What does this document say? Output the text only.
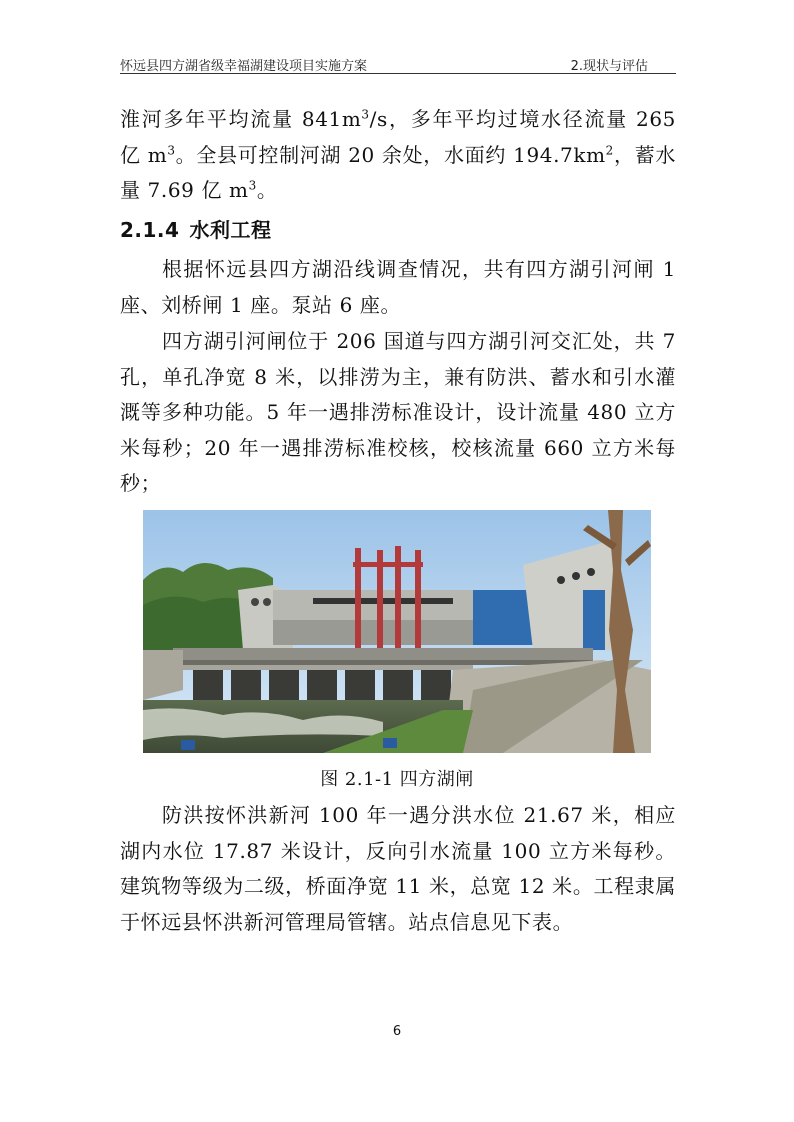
怀远县四方湖省级幸福湖建设项目实施方案	2.现状与评估
淮河多年平均流量 $841m^3/s$，多年平均过境水径流量 265 亿 $m^3$。全县可控制河湖 20 余处，水面约 $194.7km^2$，蓄水量 7.69 亿 $m^3$。
2.1.4 水利工程
根据怀远县四方湖沿线调查情况，共有四方湖引河闸 1 座、刘桥闸 1 座。泵站 6 座。
四方湖引河闸位于 206 国道与四方湖引河交汇处，共 7 孔，单孔净宽 8 米，以排涝为主，兼有防洪、蓄水和引水灌溉等多种功能。5 年一遇排涝标准设计，设计流量 480 立方米每秒；20 年一遇排涝标准校核，校核流量 660 立方米每秒；
图 2.1-1 四方湖闸
防洪按怀洪新河 100 年一遇分洪水位 21.67 米，相应湖内水位 17.87 米设计，反向引水流量 100 立方米每秒。建筑物等级为二级，桥面净宽 11 米，总宽 12 米。工程隶属于怀远县怀洪新河管理局管辖。站点信息见下表。
6
